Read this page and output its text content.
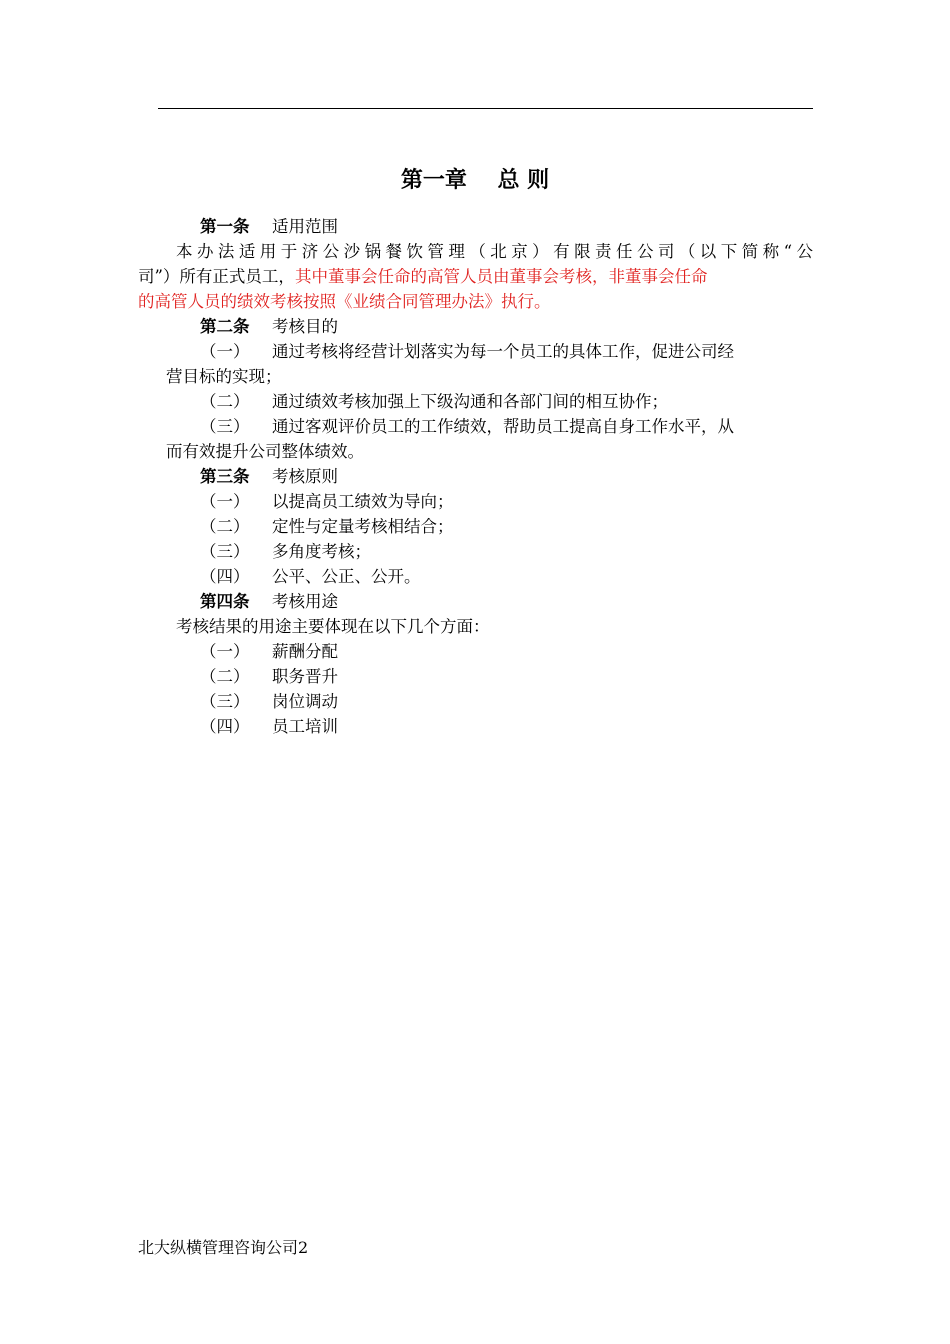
第一章    总 则
第一条 适用范围
本办法适用于济公沙锅餐饮管理（北京）有限责任公司（以下简称“公
司”）所有正式员工，其中董事会任命的高管人员由董事会考核，非董事会任命
的高管人员的绩效考核按照《业绩合同管理办法》执行。
第二条 考核目的
（一） 通过考核将经营计划落实为每一个员工的具体工作，促进公司经
营目标的实现；
（二） 通过绩效考核加强上下级沟通和各部门间的相互协作；
（三） 通过客观评价员工的工作绩效，帮助员工提高自身工作水平，从
而有效提升公司整体绩效。
第三条 考核原则
（一） 以提高员工绩效为导向；
（二） 定性与定量考核相结合；
（三） 多角度考核；
（四） 公平、公正、公开。
第四条 考核用途
考核结果的用途主要体现在以下几个方面：
（一） 薪酬分配
（二） 职务晋升
（三） 岗位调动
（四） 员工培训
北大纵横管理咨询公司2
